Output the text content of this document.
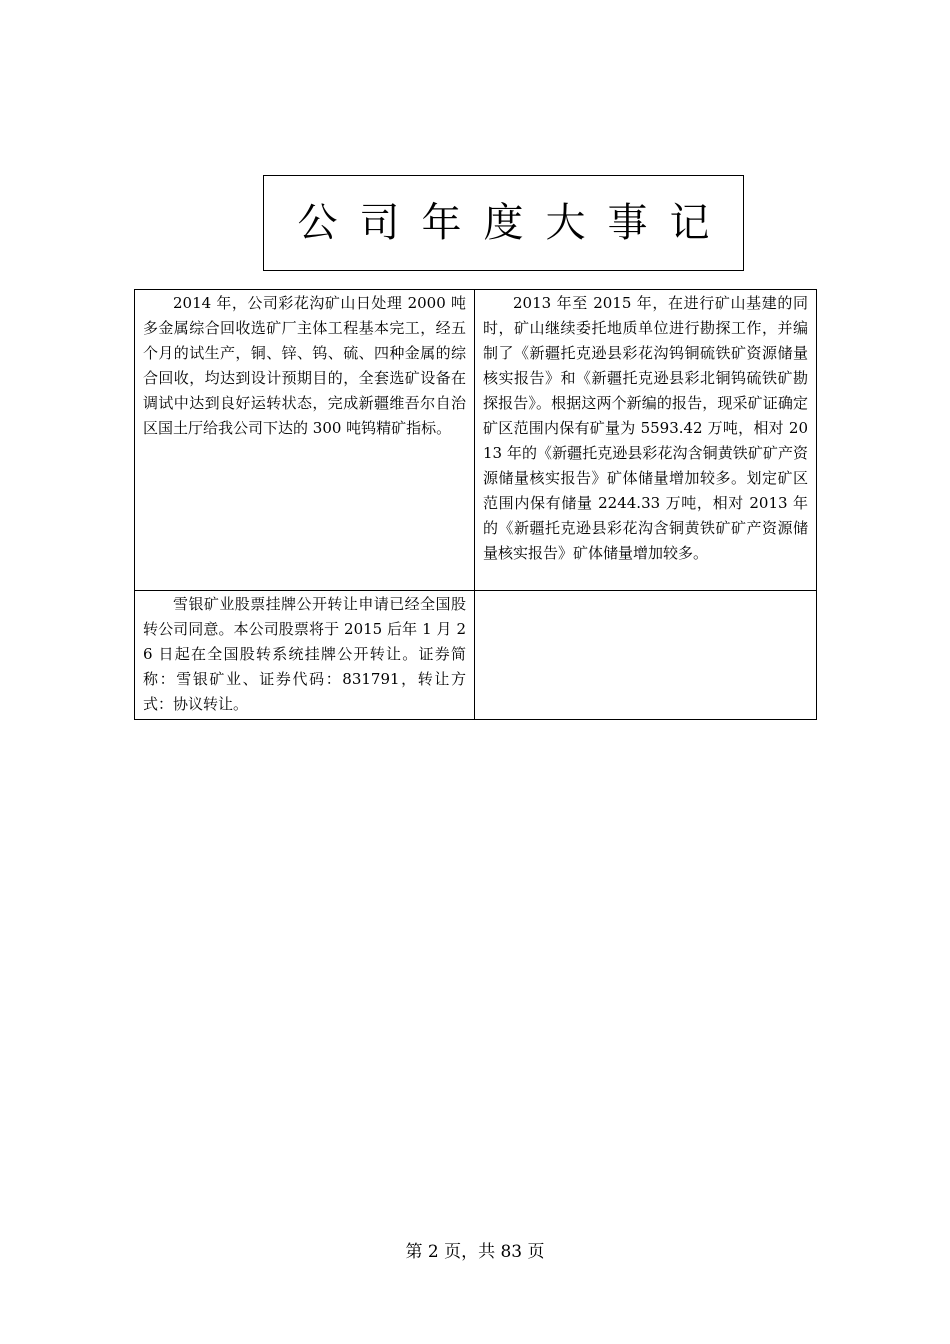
公司年度大事记
2014 年，公司彩花沟矿山日处理 2000 吨多金属综合回收选矿厂主体工程基本完工，经五个月的试生产，铜、锌、钨、硫、四种金属的综合回收，均达到设计预期目的，全套选矿设备在调试中达到良好运转状态，完成新疆维吾尔自治区国土厅给我公司下达的 300 吨钨精矿指标。	2013 年至 2015 年，在进行矿山基建的同时，矿山继续委托地质单位进行勘探工作，并编制了《新疆托克逊县彩花沟钨铜硫铁矿资源储量核实报告》和《新疆托克逊县彩北铜钨硫铁矿勘探报告》。根据这两个新编的报告，现采矿证确定矿区范围内保有矿量为 5593.42 万吨，相对 2013 年的《新疆托克逊县彩花沟含铜黄铁矿矿产资源储量核实报告》矿体储量增加较多。划定矿区范围内保有储量 2244.33 万吨，相对 2013 年的《新疆托克逊县彩花沟含铜黄铁矿矿产资源储量核实报告》矿体储量增加较多。
雪银矿业股票挂牌公开转让申请已经全国股转公司同意。本公司股票将于 2015 后年 1 月 26 日起在全国股转系统挂牌公开转让。证券简称：雪银矿业、证券代码：831791，转让方式：协议转让。	
第 2 页，共 83 页
